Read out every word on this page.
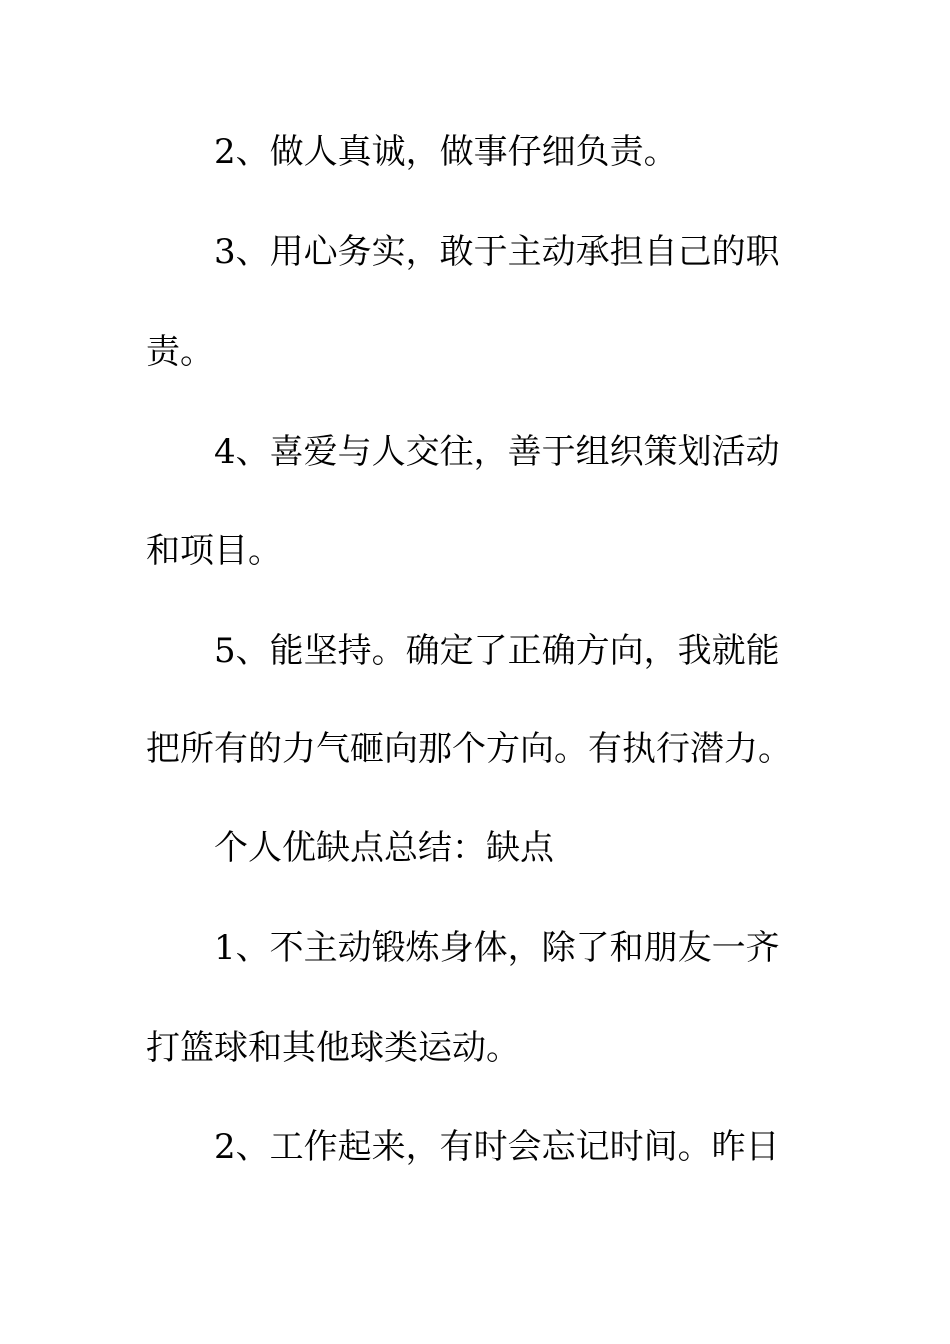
2、做人真诚，做事仔细负责。
3、用心务实，敢于主动承担自己的职
责。
4、喜爱与人交往，善于组织策划活动
和项目。
5、能坚持。确定了正确方向，我就能
把所有的力气砸向那个方向。有执行潜力。
个人优缺点总结：缺点
1、不主动锻炼身体，除了和朋友一齐
打篮球和其他球类运动。
2、工作起来，有时会忘记时间。昨日
